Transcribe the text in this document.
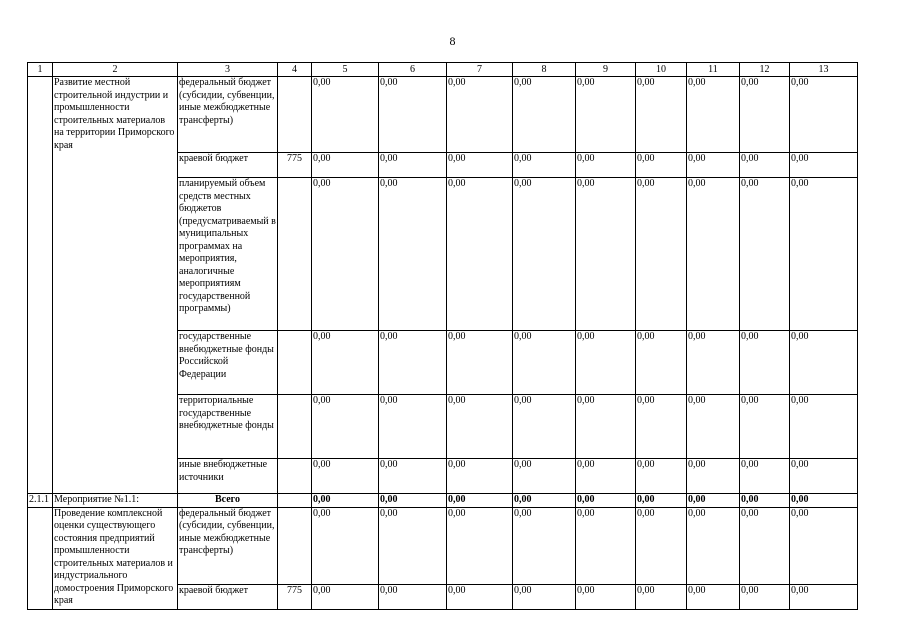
8
1	2	3	4	5	6	7	8	9	10	11	12	13
	Развитие местной строительной индустрии и промышленности строительных материалов на территории Приморского края	федеральный бюджет (субсидии, субвенции, иные межбюджетные трансферты)		0,00	0,00	0,00	0,00	0,00	0,00	0,00	0,00	0,00
		краевой бюджет	775	0,00	0,00	0,00	0,00	0,00	0,00	0,00	0,00	0,00
		планируемый объем средств местных бюджетов (предусматриваемый в муниципальных программах на мероприятия, аналогичные мероприятиям государственной программы)		0,00	0,00	0,00	0,00	0,00	0,00	0,00	0,00	0,00
		государственные внебюджетные фонды Российской Федерации		0,00	0,00	0,00	0,00	0,00	0,00	0,00	0,00	0,00
		территориальные государственные внебюджетные фонды		0,00	0,00	0,00	0,00	0,00	0,00	0,00	0,00	0,00
		иные внебюджетные источники		0,00	0,00	0,00	0,00	0,00	0,00	0,00	0,00	0,00
2.1.1	Мероприятие №1.1:	Всего		0,00	0,00	0,00	0,00	0,00	0,00	0,00	0,00	0,00
	Проведение комплексной оценки существующего состояния предприятий промышленности строительных материалов и индустриального домостроения Приморского края	федеральный бюджет (субсидии, субвенции, иные межбюджетные трансферты)		0,00	0,00	0,00	0,00	0,00	0,00	0,00	0,00	0,00
		краевой бюджет	775	0,00	0,00	0,00	0,00	0,00	0,00	0,00	0,00	0,00
